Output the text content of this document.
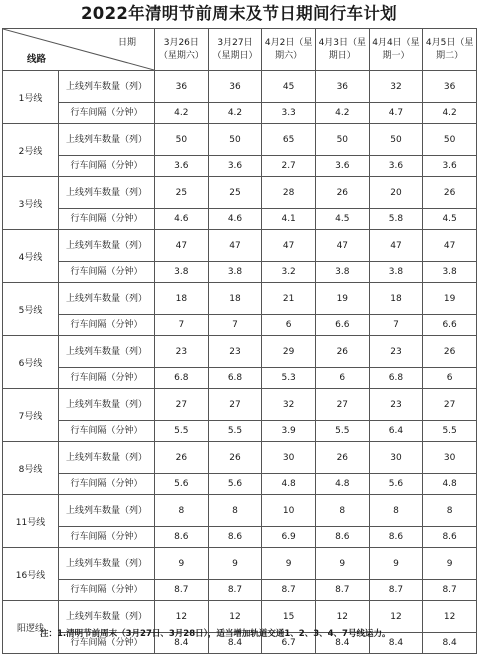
2022年清明节前周末及节日期间行车计划
日期
线路		3月26日（星期六）	3月27日（星期日）	4月2日（星期六）	4月3日（星期日）	4月4日（星期一）	4月5日（星期二）
1号线	上线列车数量（列）	36	36	45	36	32	36
	行车间隔（分钟）	4.2	4.2	3.3	4.2	4.7	4.2
2号线	上线列车数量（列）	50	50	65	50	50	50
	行车间隔（分钟）	3.6	3.6	2.7	3.6	3.6	3.6
3号线	上线列车数量（列）	25	25	28	26	20	26
	行车间隔（分钟）	4.6	4.6	4.1	4.5	5.8	4.5
4号线	上线列车数量（列）	47	47	47	47	47	47
	行车间隔（分钟）	3.8	3.8	3.2	3.8	3.8	3.8
5号线	上线列车数量（列）	18	18	21	19	18	19
	行车间隔（分钟）	7	7	6	6.6	7	6.6
6号线	上线列车数量（列）	23	23	29	26	23	26
	行车间隔（分钟）	6.8	6.8	5.3	6	6.8	6
7号线	上线列车数量（列）	27	27	32	27	23	27
	行车间隔（分钟）	5.5	5.5	3.9	5.5	6.4	5.5
8号线	上线列车数量（列）	26	26	30	26	30	30
	行车间隔（分钟）	5.6	5.6	4.8	4.8	5.6	4.8
11号线	上线列车数量（列）	8	8	10	8	8	8
	行车间隔（分钟）	8.6	8.6	6.9	8.6	8.6	8.6
16号线	上线列车数量（列）	9	9	9	9	9	9
	行车间隔（分钟）	8.7	8.7	8.7	8.7	8.7	8.7
阳逻线	上线列车数量（列）	12	12	15	12	12	12
	行车间隔（分钟）	8.4	8.4	6.7	8.4	8.4	8.4
注：1.清明节前周末（3月27日、3月28日），适当增加轨道交通1、2、3、4、7号线运力。
